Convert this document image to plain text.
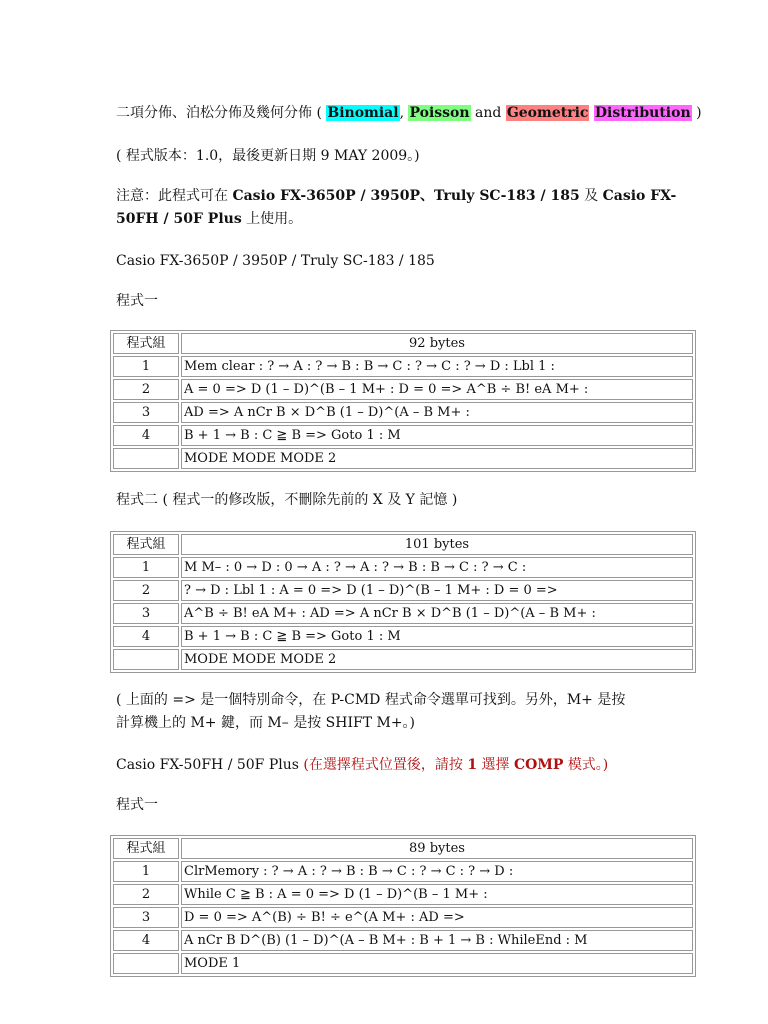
二項分佈、泊松分佈及幾何分佈 ( Binomial, Poisson and Geometric Distribution )
( 程式版本：1.0，最後更新日期 9 MAY 2009。)
注意：此程式可在 Casio FX-3650P / 3950P、Truly SC-183 / 185 及 Casio FX-
50FH / 50F Plus 上使用。
Casio FX-3650P / 3950P / Truly SC-183 / 185
程式一
程式組	92 bytes
1	Mem clear : ? → A : ? → B : B → C : ? → C : ? → D : Lbl 1 :
2	A = 0 => D (1 – D)^(B – 1 M+ : D = 0 => A^B ÷ B! eA M+ :
3	AD => A nCr B × D^B (1 – D)^(A – B M+ :
4	B + 1 → B : C ≧ B => Goto 1 : M
	MODE MODE MODE 2
程式二 ( 程式一的修改版，不刪除先前的 X 及 Y 記憶 )
程式組	101 bytes
1	M M– : 0 → D : 0 → A : ? → A : ? → B : B → C : ? → C :
2	? → D : Lbl 1 : A = 0 => D (1 – D)^(B – 1 M+ : D = 0 =>
3	A^B ÷ B! eA M+ : AD => A nCr B × D^B (1 – D)^(A – B M+ :
4	B + 1 → B : C ≧ B => Goto 1 : M
	MODE MODE MODE 2
( 上面的 => 是一個特別命令，在 P-CMD 程式命令選單可找到。另外，M+ 是按
計算機上的 M+ 鍵，而 M– 是按 SHIFT M+。)
Casio FX-50FH / 50F Plus (在選擇程式位置後，請按 1 選擇 COMP 模式。)
程式一
程式組	89 bytes
1	ClrMemory : ? → A : ? → B : B → C : ? → C : ? → D :
2	While C ≧ B : A = 0 => D (1 – D)^(B – 1 M+ :
3	D = 0 => A^(B) ÷ B! ÷ e^(A M+ : AD =>
4	A nCr B D^(B) (1 – D)^(A – B M+ : B + 1 → B : WhileEnd : M
	MODE 1
